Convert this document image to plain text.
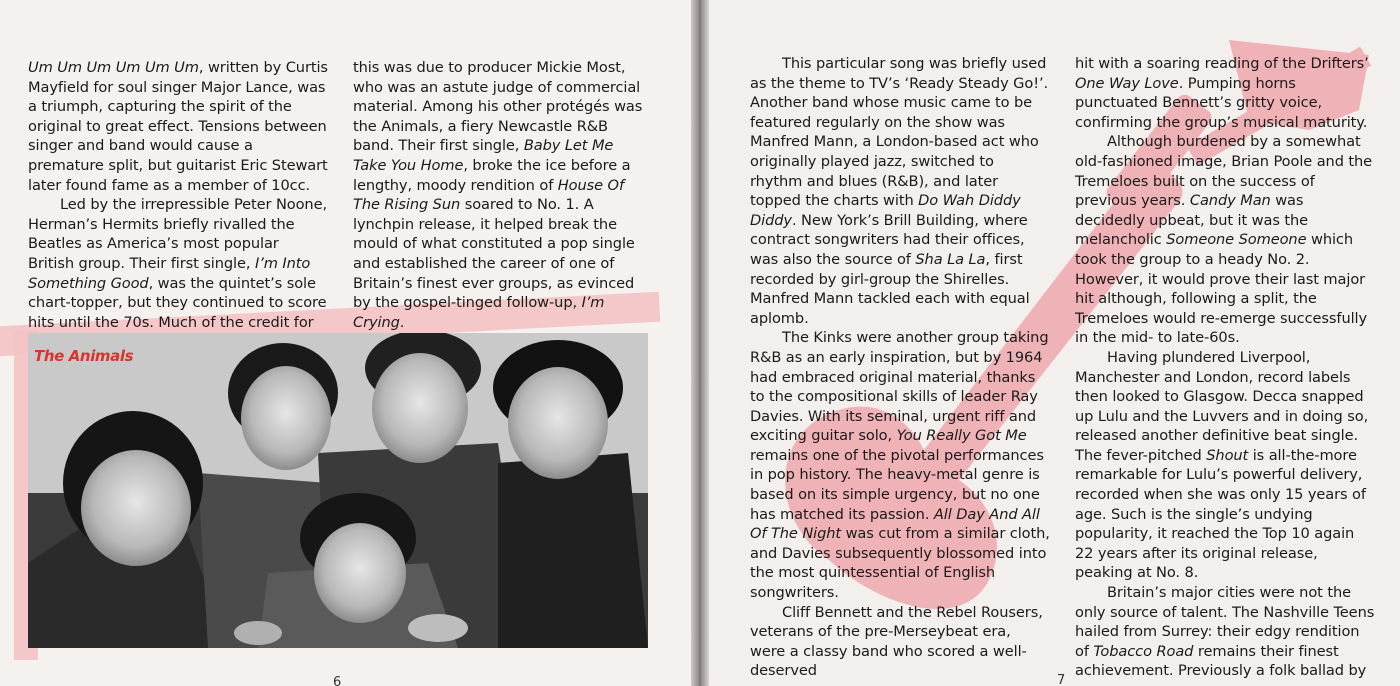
Um Um Um Um Um Um, written by Curtis Mayfield for soul singer Major Lance, was a triumph, capturing the spirit of the original to great effect. Tensions between singer and band would cause a premature split, but guitarist Eric Stewart later found fame as a member of 10cc.

Led by the irrepressible Peter Noone, Herman’s Hermits briefly rivalled the Beatles as America’s most popular British group. Their first single, I’m Into Something Good, was the quintet’s sole chart-topper, but they continued to score hits until the 70s. Much of the credit for

this was due to producer Mickie Most, who was an astute judge of commercial material. Among his other protégés was the Animals, a fiery Newcastle R&B band. Their first single, Baby Let Me Take You Home, broke the ice before a lengthy, moody rendition of House Of The Rising Sun soared to No. 1. A lynchpin release, it helped break the mould of what constituted a pop single and established the career of one of Britain’s finest ever groups, as evinced by the gospel-tinged follow-up, I’m Crying.

The Animals
6

This particular song was briefly used as the theme to TV’s ‘Ready Steady Go!’. Another band whose music came to be featured regularly on the show was Manfred Mann, a London-based act who originally played jazz, switched to rhythm and blues (R&B), and later topped the charts with Do Wah Diddy Diddy. New York’s Brill Building, where contract songwriters had their offices, was also the source of Sha La La, first recorded by girl-group the Shirelles. Manfred Mann tackled each with equal aplomb.

The Kinks were another group taking R&B as an early inspiration, but by 1964 had embraced original material, thanks to the compositional skills of leader Ray Davies. With its seminal, urgent riff and exciting guitar solo, You Really Got Me remains one of the pivotal performances in pop history. The heavy-metal genre is based on its simple urgency, but no one has matched its passion. All Day And All Of The Night was cut from a similar cloth, and Davies subsequently blossomed into the most quintessential of English songwriters.

Cliff Bennett and the Rebel Rousers, veterans of the pre-Merseybeat era, were a classy band who scored a well-deserved

hit with a soaring reading of the Drifters’ One Way Love. Pumping horns punctuated Bennett’s gritty voice, confirming the group’s musical maturity.

Although burdened by a somewhat old-fashioned image, Brian Poole and the Tremeloes built on the success of previous years. Candy Man was decidedly upbeat, but it was the melancholic Someone Someone which took the group to a heady No. 2. However, it would prove their last major hit although, following a split, the Tremeloes would re-emerge successfully in the mid- to late-60s.

Having plundered Liverpool, Manchester and London, record labels then looked to Glasgow. Decca snapped up Lulu and the Luvvers and in doing so, released another definitive beat single. The fever-pitched Shout is all-the-more remarkable for Lulu’s powerful delivery, recorded when she was only 15 years of age. Such is the single’s undying popularity, it reached the Top 10 again 22 years after its original release, peaking at No. 8.

Britain’s major cities were not the only source of talent. The Nashville Teens hailed from Surrey: their edgy rendition of Tobacco Road remains their finest achievement. Previously a folk ballad by

7
